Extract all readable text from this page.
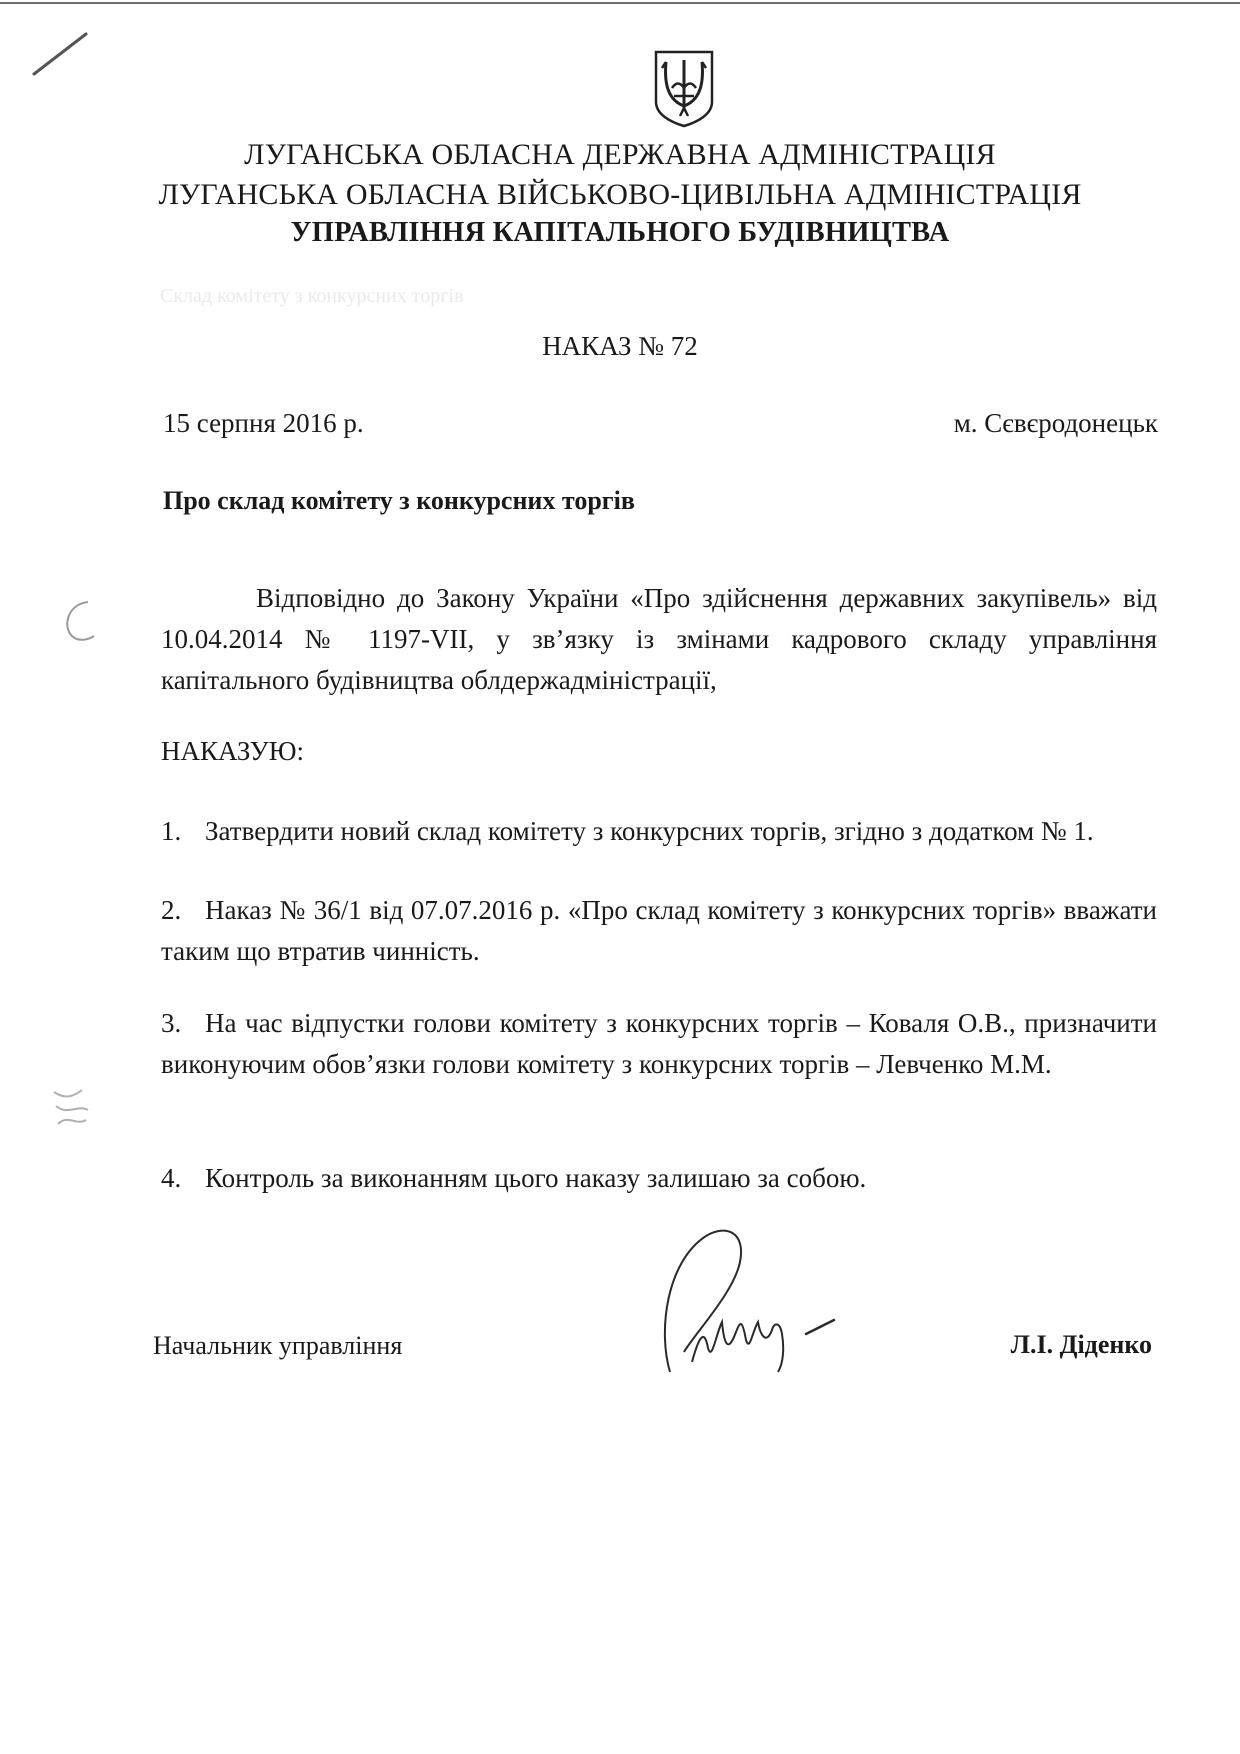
Склад комітету з конкурсних торгів
ЛУГАНСЬКА ОБЛАСНА ДЕРЖАВНА АДМІНІСТРАЦІЯ
ЛУГАНСЬКА ОБЛАСНА ВІЙСЬКОВО-ЦИВІЛЬНА АДМІНІСТРАЦІЯ
УПРАВЛІННЯ КАПІТАЛЬНОГО БУДІВНИЦТВА
НАКАЗ № 72
15 серпня 2016 р.	м. Сєвєродонецьк
Про склад комітету з конкурсних торгів
Відповідно до Закону України «Про здійснення державних закупівель» від 10.04.2014 № 1197-VII, у зв’язку із змінами кадрового складу управління капітального будівництва облдержадміністрації,
НАКАЗУЮ:
1. Затвердити новий склад комітету з конкурсних торгів, згідно з додатком № 1.
2. Наказ № 36/1 від 07.07.2016 р. «Про склад комітету з конкурсних торгів» вважати таким що втратив чинність.
3. На час відпустки голови комітету з конкурсних торгів – Коваля О.В., призначити виконуючим обов’язки голови комітету з конкурсних торгів – Левченко М.М.
4. Контроль за виконанням цього наказу залишаю за собою.
Начальник управління	Л.І. Діденко
